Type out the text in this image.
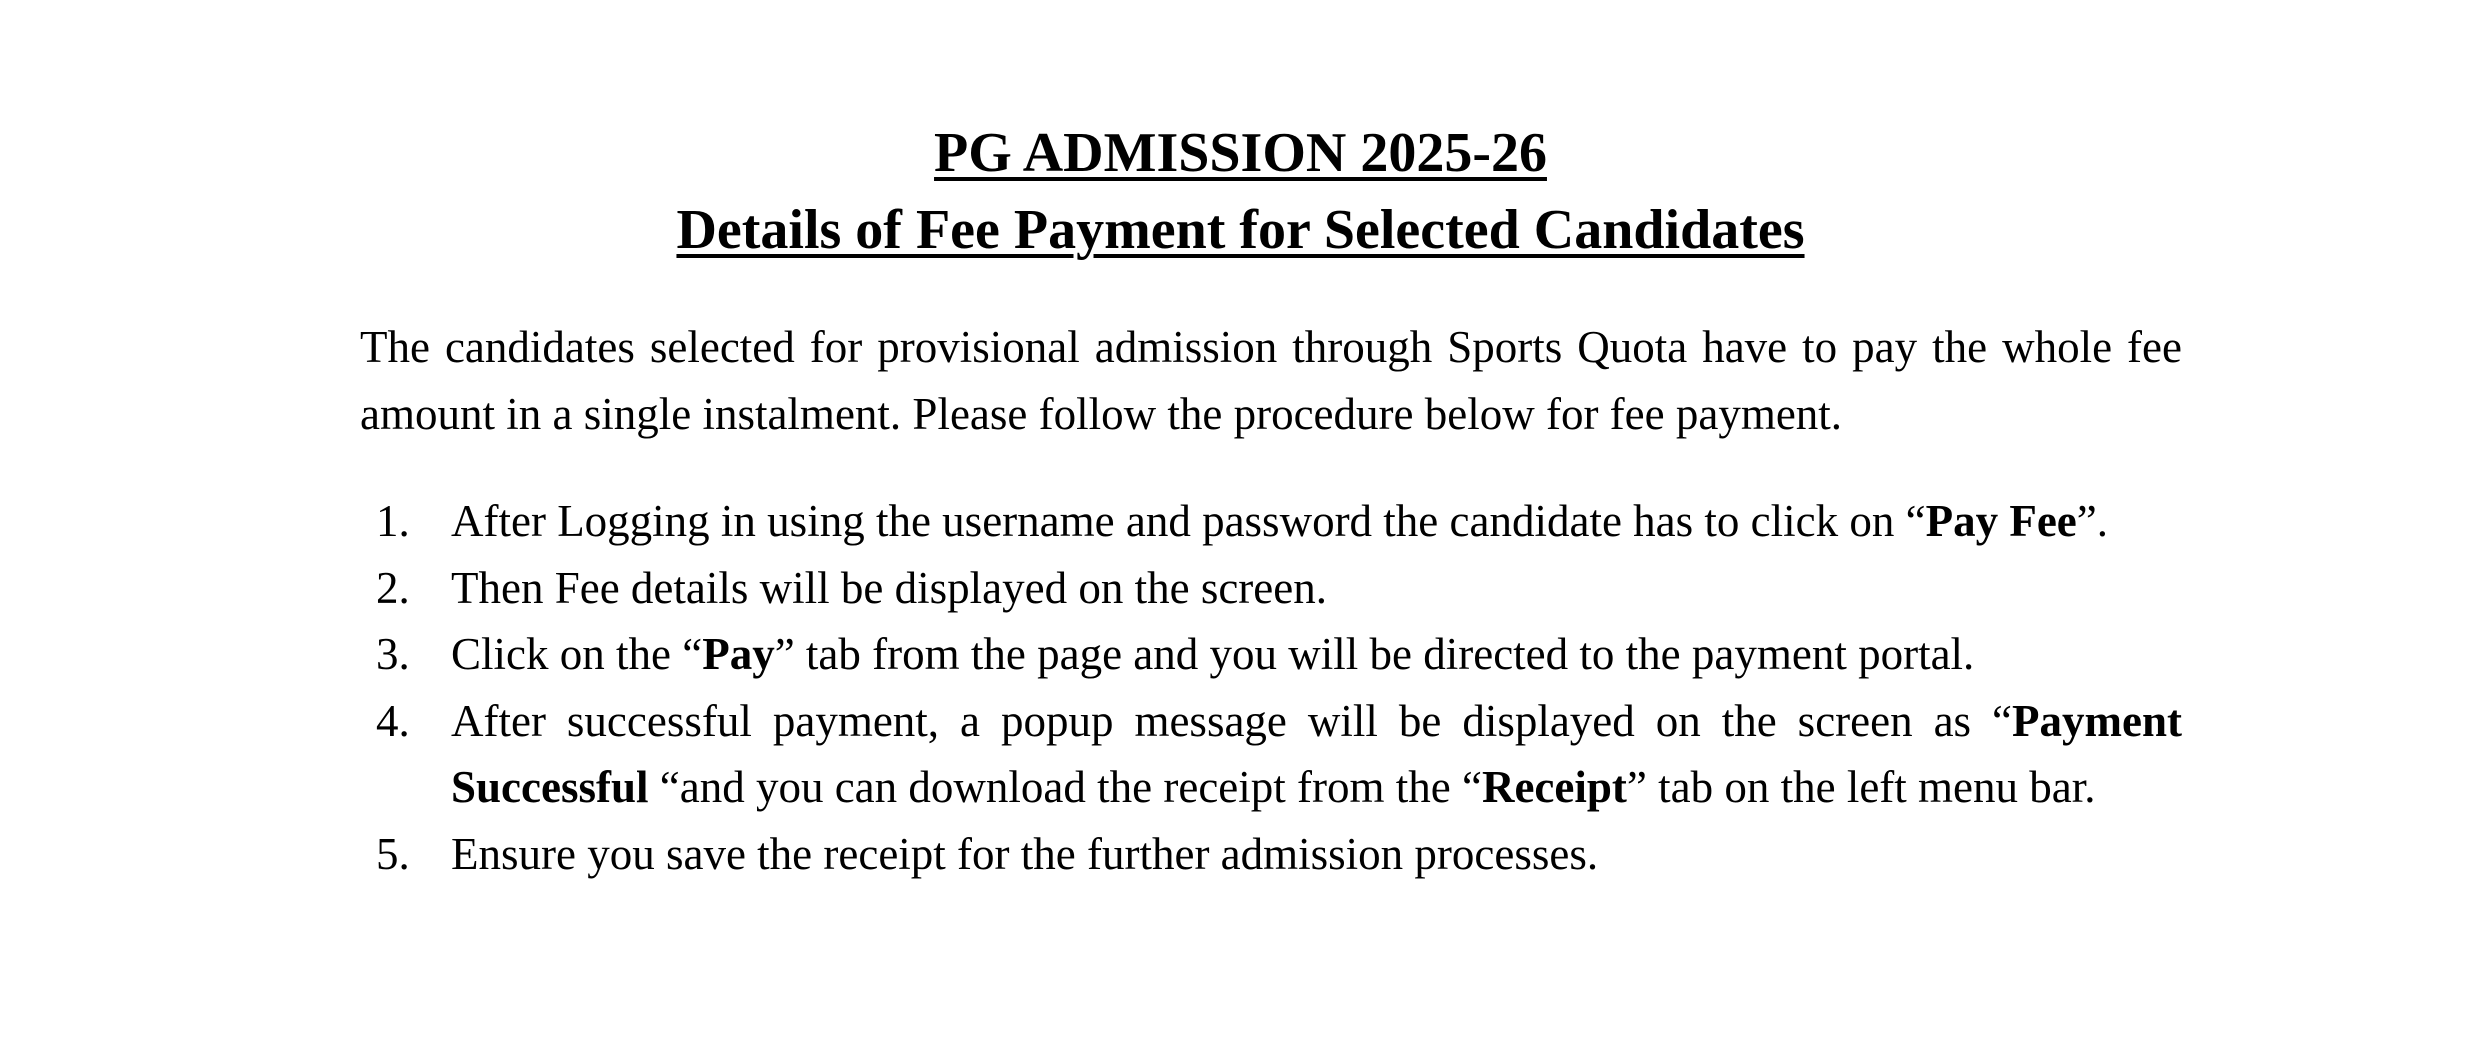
PG ADMISSION 2025-26
Details of Fee Payment for Selected Candidates

The candidates selected for provisional admission through Sports Quota have to pay the whole fee amount in a single instalment. Please follow the procedure below for fee payment.

1. After Logging in using the username and password the candidate has to click on “Pay Fee”.
2. Then Fee details will be displayed on the screen.
3. Click on the “Pay” tab from the page and you will be directed to the payment portal.
4. After successful payment, a popup message will be displayed on the screen as “Payment Successful “and you can download the receipt from the “Receipt” tab on the left menu bar.
5. Ensure you save the receipt for the further admission processes.
